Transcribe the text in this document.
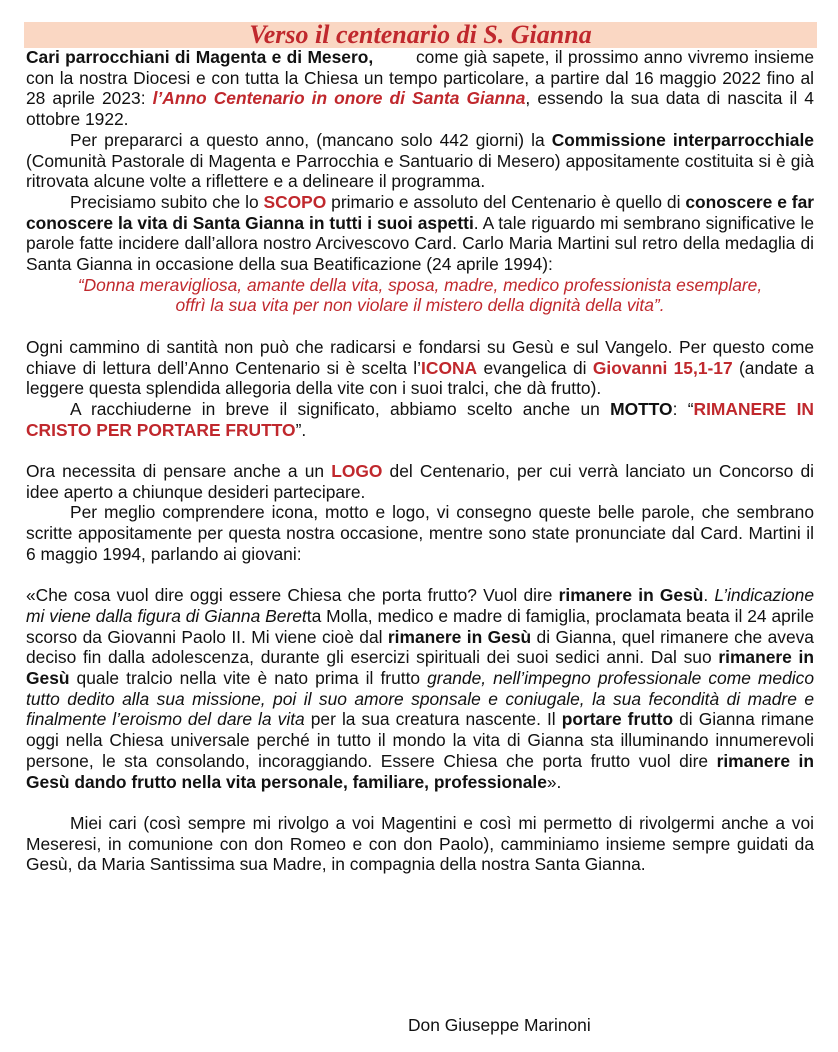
Verso il centenario di S. Gianna

Cari parrocchiani di Magenta e di Mesero,        come già sapete, il prossimo anno vivremo insieme con la nostra Diocesi e con tutta la Chiesa un tempo particolare, a partire dal 16 maggio 2022 fino al 28 aprile 2023: l’Anno Centenario in onore di Santa Gianna, essendo la sua data di nascita il 4 ottobre 1922.

Per prepararci a questo anno, (mancano solo 442 giorni) la Commissione interparrocchiale (Comunità Pastorale di Magenta e Parrocchia e Santuario di Mesero) appositamente costituita si è già ritrovata alcune volte a riflettere e a delineare il programma.

Precisiamo subito che lo SCOPO primario e assoluto del Centenario è quello di conoscere e far conoscere la vita di Santa Gianna in tutti i suoi aspetti. A tale riguardo mi sembrano significative le parole fatte incidere dall’allora nostro Arcivescovo Card. Carlo Maria Martini sul retro della medaglia di Santa Gianna in occasione della sua Beatificazione (24 aprile 1994):

“Donna meravigliosa, amante della vita, sposa, madre, medico professionista esemplare,
offrì la sua vita per non violare il mistero della dignità della vita”.

Ogni cammino di santità non può che radicarsi e fondarsi su Gesù e sul Vangelo. Per questo come chiave di lettura dell’Anno Centenario si è scelta l’ICONA evangelica di Giovanni 15,1-17 (andate a leggere questa splendida allegoria della vite con i suoi tralci, che dà frutto).

A racchiuderne in breve il significato, abbiamo scelto anche un MOTTO: “RIMANERE IN CRISTO PER PORTARE FRUTTO”.

Ora necessita di pensare anche a un LOGO del Centenario, per cui verrà lanciato un Concorso di idee aperto a chiunque desideri partecipare.

Per meglio comprendere icona, motto e logo, vi consegno queste belle parole, che sembrano scritte appositamente per questa nostra occasione, mentre sono state pronunciate dal Card. Martini il 6 maggio 1994, parlando ai giovani:

«Che cosa vuol dire oggi essere Chiesa che porta frutto? Vuol dire rimanere in Gesù. L’indicazione mi viene dalla figura di Gianna Beretta Molla, medico e madre di famiglia, proclamata beata il 24 aprile scorso da Giovanni Paolo II. Mi viene cioè dal rimanere in Gesù di Gianna, quel rimanere che aveva deciso fin dalla adolescenza, durante gli esercizi spirituali dei suoi sedici anni. Dal suo rimanere in Gesù quale tralcio nella vite è nato prima il frutto grande, nell’impegno professionale come medico tutto dedito alla sua missione, poi il suo amore sponsale e coniugale, la sua fecondità di madre e finalmente l’eroismo del dare la vita per la sua creatura nascente. Il portare frutto di Gianna rimane oggi nella Chiesa universale perché in tutto il mondo la vita di Gianna sta illuminando innumerevoli persone, le sta consolando, incoraggiando. Essere Chiesa che porta frutto vuol dire rimanere in Gesù dando frutto nella vita personale, familiare, professionale».

Miei cari (così sempre mi rivolgo a voi Magentini e così mi permetto di rivolgermi anche a voi Meseresi, in comunione con don Romeo e con don Paolo), camminiamo insieme sempre guidati da Gesù, da Maria Santissima sua Madre, in compagnia della nostra Santa Gianna.

Don Giuseppe Marinoni
